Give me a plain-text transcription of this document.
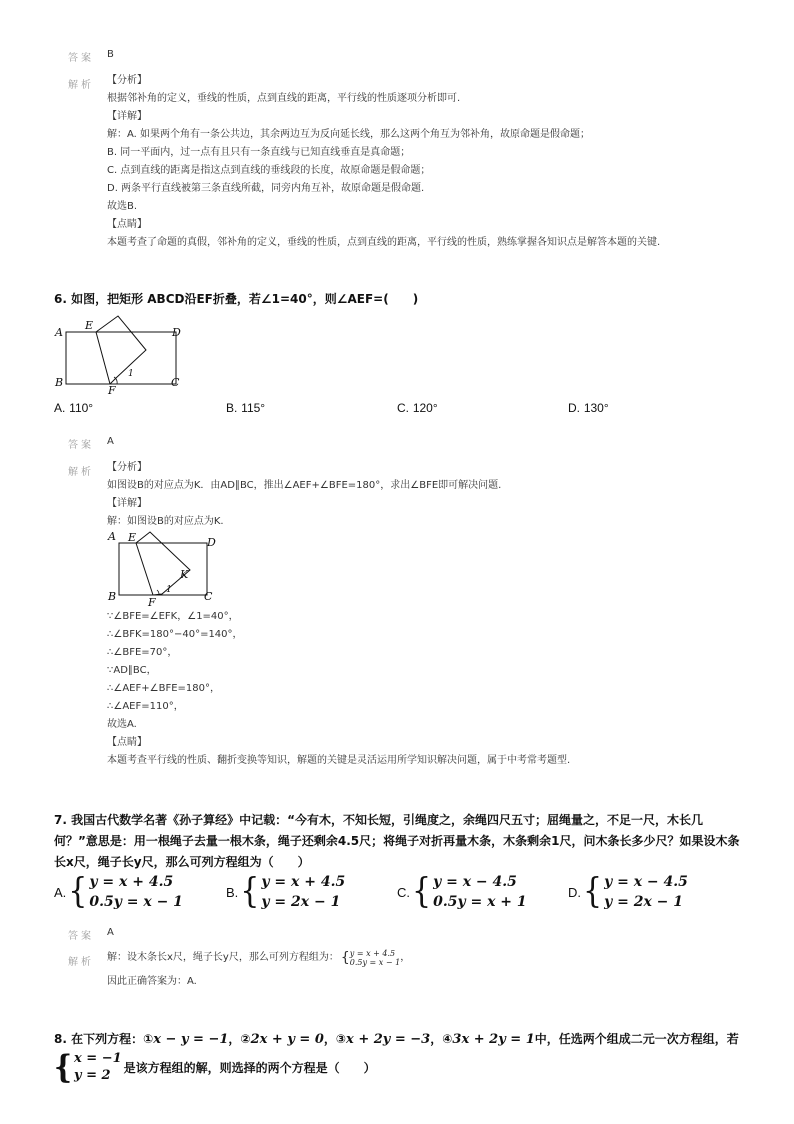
答案 B
解析 【分析】
根据邻补角的定义，垂线的性质，点到直线的距离，平行线的性质逐项分析即可.
【详解】
解：A. 如果两个角有一条公共边，其余两边互为反向延长线，那么这两个角互为邻补角，故原命题是假命题；
B. 同一平面内，过一点有且只有一条直线与已知直线垂直是真命题；
C. 点到直线的距离是指这点到直线的垂线段的长度，故原命题是假命题；
D. 两条平行直线被第三条直线所截，同旁内角互补，故原命题是假命题.
故选B.
【点睛】
本题考查了命题的真假，邻补角的定义，垂线的性质，点到直线的距离，平行线的性质，熟练掌握各知识点是解答本题的关键.
6. 如图，把矩形 ABCD沿EF折叠，若∠1=40°，则∠AEF=(　　)
A
E
D
B	C
F
1
A. 110°	B. 115°	C. 120°	D. 130°
答案 A
解析 【分析】
如图设B的对应点为K．由AD∥BC，推出∠AEF+∠BFE=180°，求出∠BFE即可解决问题.
【详解】
解：如图设B的对应点为K.
A E	D
B	C
F
K
1
∵∠BFE=∠EFK，∠1=40°，
∴∠BFK=180°−40°=140°，
∴∠BFE=70°，
∵AD∥BC，
∴∠AEF+∠BFE=180°，
∴∠AEF=110°，
故选A.
【点睛】
本题考查平行线的性质、翻折变换等知识，解题的关键是灵活运用所学知识解决问题，属于中考常考题型.
7. 我国古代数学名著《孙子算经》中记载：“今有木，不知长短，引绳度之，余绳四尺五寸；屈绳量之，不足一尺，木长几
何？”意思是：用一根绳子去量一根木条，绳子还剩余4.5尺；将绳子对折再量木条，木条剩余1尺，问木条长多少尺？如果设木条
长x尺，绳子长y尺，那么可列方程组为（　　）
A. { y = x + 4.5
0.5y = x − 1
B. { y = x + 4.5
y = 2x − 1
C. { y = x − 4.5
0.5y = x + 1
D. { y = x − 4.5
y = 2x − 1
答案 A
解析 解：设木条长x尺，绳子长y尺，那么可列方程组为： { y = x + 4.5
0.5y = x − 1 ，
因此正确答案为：A.
8. 在下列方程： ① x − y = −1 ，② 2x + y = 0 ，③ x + 2y = −3 ，④ 3x + 2y = 1 中，任选两个组成二元一次方程组，若
{ x = −1
y = 2
是该方程组的解，则选择的两个方程是（　　）
